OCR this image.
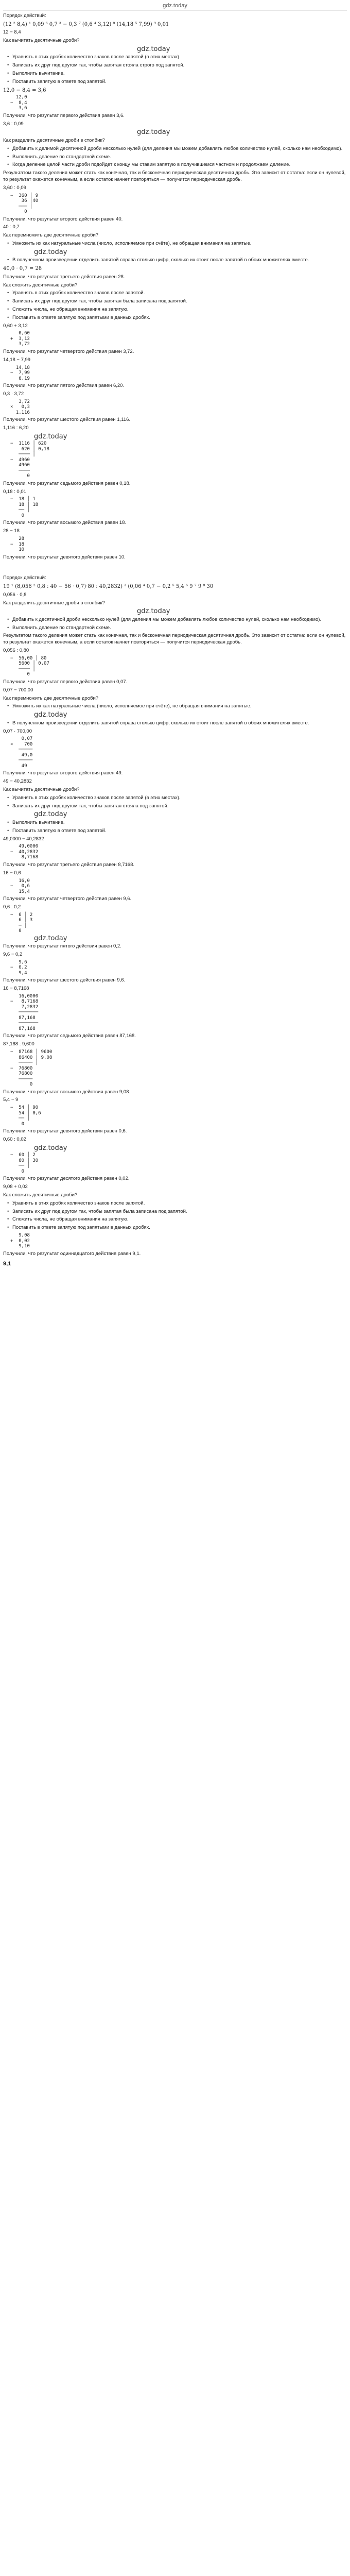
gdz.today
Порядок действий:
(12 ² 8,4) ¹ 0,09 ⁶ 0,7 ³ − 0,3 ⁷ (0,6 ⁴ 3,12) ⁸ (14,18 ⁵ 7,99) ⁹ 0,01
12 − 8,4
Как вычитать десятичные дроби?
gdz.today
• Уравнять в этих дробях количество знаков после запятой (в этих местах)
• Записать их друг под другом так, чтобы запятая стояла строго под запятой.
• Выполнить вычитание.
• Поставить запятую в ответе под запятой.
12,0 − 8,4 = 3,6
12,0
−  8,4
3,6
Получили, что результат первого действия равен 3,6.
3,6 : 0,09
gdz.today
Как разделить десятичные дроби в столбик?
• Добавить к делимой десятичной дроби несколько нулей (для деления мы можем добавлять любое количество нулей, сколько нам необходимо).
• Выполнить деление по стандартной схеме.
• Когда деление целой части дроби подойдет к концу мы ставим запятую в получившемся частном и продолжаем деление.
Результатом такого деления может стать как конечная, так и бесконечная периодическая десятичная дробь. Это зависит от остатка: если он нулевой, то результат окажется конечным, а если остаток начнет повторяться — получится периодическая дробь.
3,60 : 0,09
−  360 │ 9
36 │40
─── │
0
Получили, что результат второго действия равен 40.
40 : 0,7
Как перемножить две десятичные дроби?
• Умножить их как натуральные числа (число, исполняемое при счёте), не обращая внимания на запятые.
gdz.today
• В полученном произведении отделить запятой справа столько цифр, сколько их стоит после запятой в обоих множителях вместе.
40,0 · 0,7 = 28
Получили, что результат третьего действия равен 28.
Как сложить десятичные дроби?
• Уравнять в этих дробях количество знаков после запятой.
• Записать их друг под другом так, чтобы запятая была записана под запятой.
• Сложить числа, не обращая внимания на запятую.
• Поставить в ответе запятую под запятыми в данных дробях.
0,60 + 3,12
0,60
+  3,12
3,72
Получили, что результат четвертого действия равен 3,72.
14,18 − 7,99
14,18
−  7,99
6,19
Получили, что результат пятого действия равен 6,20.
0,3 · 3,72
3,72
×   0,3
1,116
Получили, что результат шестого действия равен 1,116.
1,116 : 6,20
gdz.today
−  1116 │ 620
620 │ 0,18
──── │
−  4960
4960
────
0
Получили, что результат седьмого действия равен 0,18.
0,18 : 0,01
−  18 │ 1
18 │ 18
── │
0
Получили, что результат восьмого действия равен 18.
28 − 18
28
−  18
10
Получили, что результат девятого действия равен 10.
Порядок действий:
19 ¹ (8,056 ² 0,8 : 40 − 56 · 0,7)·80 : 40,2832) ³ (0,06 ⁴ 0,7 − 0,2 ⁵ 5,4 ⁶ 9 ⁷ 9 ⁸ 30
0,056 · 0,8
Как разделить десятичные дроби в столбик?
gdz.today
• Добавить к десятичной дроби несколько нулей (для деления мы можем добавлять любое количество нулей, сколько нам необходимо).
• Выполнить деление по стандартной схеме.
Результатом такого деления может стать как конечная, так и бесконечная периодическая десятичная дробь. Это зависит от остатка: если он нулевой, то результат окажется конечным, а если остаток начнет повторяться — получится периодическая дробь.
0,056 : 0,80
−  56,00 │ 80
5600 │ 0,07
──── │
0
Получили, что результат первого действия равен 0,07.
0,07 − 700,00
Как перемножить две десятичные дроби?
• Умножить их как натуральные числа (число, исполняемое при счёте), не обращая внимания на запятые.
gdz.today
• В полученном произведении отделить запятой справа столько цифр, сколько их стоит после запятой в обоих множителях вместе.
0,07 · 700,00
0,07
×    700
─────
49,0
─────
49
Получили, что результат второго действия равен 49.
49 − 40,2832
Как вычитать десятичные дроби?
• Уравнять в этих дробях количество знаков после запятой (в этих местах).
• Записать их друг под другом так, чтобы запятая стояла под запятой.
gdz.today
• Выполнить вычитание.
• Поставить запятую в ответе под запятой.
49,0000 − 40,2832
49,0000
−  40,2832
8,7168
Получили, что результат третьего действия равен 8,7168.
16 − 0,6
16,0
−   0,6
15,4
Получили, что результат четвертого действия равен 9,6.
0,6 : 0,2
−  6 │ 2
6 │ 3
─ │
0
gdz.today
Получили, что результат пятого действия равен 0,2.
9,6 − 0,2
9,6
−  0,2
9,4
Получили, что результат шестого действия равен 9,6.
16 − 8,7168
16,0000
−   8,7168
7,2832
───────
87,168
───────
87,168
Получили, что результат седьмого действия равен 87,168.
87,168 : 9,600
−  87168 │ 9600
86400 │ 9,08
───── │
−  76800
76800
─────
0
Получили, что результат восьмого действия равен 9,08.
5,4 − 9
−  54 │ 90
54 │ 0,6
── │
0
Получили, что результат девятого действия равен 0,6.
0,60 : 0,02
gdz.today
−  60 │ 2
60 │ 30
── │
0
Получили, что результат десятого действия равен 0,02.
9,08 + 0,02
Как сложить десятичные дроби?
• Уравнять в этих дробях количество знаков после запятой.
• Записать их друг под другом так, чтобы запятая была записана под запятой.
• Сложить числа, не обращая внимания на запятую.
• Поставить в ответе запятую под запятыми в данных дробях.
9,08
+  0,02
9,10
Получили, что результат одиннадцатого действия равен 9,1.
9,1
